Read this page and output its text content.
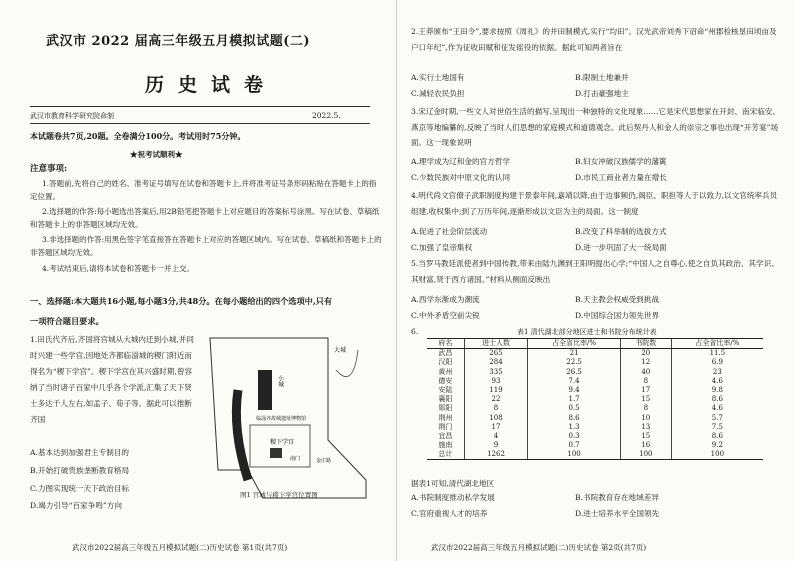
武汉市 2022 届高三年级五月模拟试题(二)
历史试卷
武汉市教育科学研究院命制	2022.5.
本试题卷共7页,20题。全卷满分100分。考试用时75分钟。
★祝考试顺利★
注意事项:
1.答题前,先将自己的姓名、准考证号填写在试卷和答题卡上,并将准考证号条形码粘贴在答题卡上的指定位置。
2.选择题的作答:每小题选出答案后,用2B铅笔把答题卡上对应题目的答案标号涂黑。写在试卷、草稿纸和答题卡上的非答题区域均无效。
3.非选择题的作答:用黑色签字笔直接答在答题卡上对应的答题区域内。写在试卷、草稿纸和答题卡上的非答题区域均无效。
4.考试结束后,请将本试卷和答题卡一并上交。
一、选择题:本大题共16小题,每小题3分,共48分。在每小题给出的四个选项中,只有
一项符合题目要求。
1.田氏代齐后,齐国将宫城从大城内迁到小城,并同时兴建一些学宫,因地处齐都临淄城的稷门附近而得名为“稷下学宫”。稷下学宫在其兴盛时期,曾容纳了当时诸子百家中几乎各个学派,汇集了天下贤士多达千人左右,如孟子、荀子等。据此可以推断齐国
A.基本达到加强君主专制目的
B.开始打破贵族垄断教育格局
C.力图实现统一天下政治目标
D.竭力引导“百家争鸣”方向
大城
小城
临淄齐故城遗址博物馆
稷下学宫
南门	金庄路
图1 宫城与稷下学宫位置图
武汉市2022届高三年级五月模拟试题(二)历史试卷 第1页(共7页)
2.王莽颁布“王田令”,要求按照《周礼》的井田制模式,实行“均田”。汉光武帝刘秀下诏命“州郡检核垦田顷亩及户口年纪”,作为征收田赋和征发徭役的依据。据此可知两者旨在
A.实行土地国有	B.限制土地兼并
C.减轻农民负担	D.打击豪强地主
3.宋辽金时期,一些文人对世俗生活的描写,呈现出一种独特的文化现象……它是宋代思想家在开封、南宋临安、燕京等地编纂的,反映了当时人们思想的家庭模式和道德观念。此后契丹人和金人的崇宗之事也出现“开芳宴”场面。这一现象说明
A.理学成为辽和金的官方哲学	B.妇女冲破汉族儒学的藩篱
C.少数民族对中原文化的认同	D.市民工商业者力量在增长
4.明代尚文官僚子武职制度构建于景泰年间,嘉靖以降,由于边事频仍,阁臣、职担等人于以致力,以文官统率兵员组建,收权集中;到了万历年间,逐渐形成以文臣为主的局面。这一制度
A.促进了社会阶层流动	B.改变了科举制的选拔方式
C.加强了皇帝集权	D.进一步巩固了大一统局面
5.当罗马教廷派使者到中国传教,带来由陆九渊到王阳明提出心学;“中国人之自尊心,使之自负其政治、其学识、其财富,贤于西方诸国。”材料从侧面反映出
A.西学东渐成为潮流	B.天主教会权威受到挑战
C.中外矛盾空前尖锐	D.中国综合国力领先世界
6.	表1 清代湖北部分地区进士和书院分布统计表
府名	进士人数	占全省比率/%	书院数	占全省比率/%
武昌	265	21	20	11.5
汉阳	284	22.5	12	6.9
黄州	335	26.5	40	23
德安	93	7.4	8	4.6
安陆	119	9.4	17	9.8
襄阳	22	1.7	15	8.6
郧阳	8	0.5	8	4.6
荆州	108	8.6	10	5.7
荆门	17	1.3	13	7.5
宜昌	4	0.3	15	8.6
施南	9	0.7	16	9.2
总计	1262	100	100	100
据表1可知,清代湖北地区
A.书院制度推动私学发展	B.书院教育存在地域差异
C.官府重视人才的培养	D.进士培养水平全国领先
武汉市2022届高三年级五月模拟试题(二)历史试卷 第2页(共7页)
